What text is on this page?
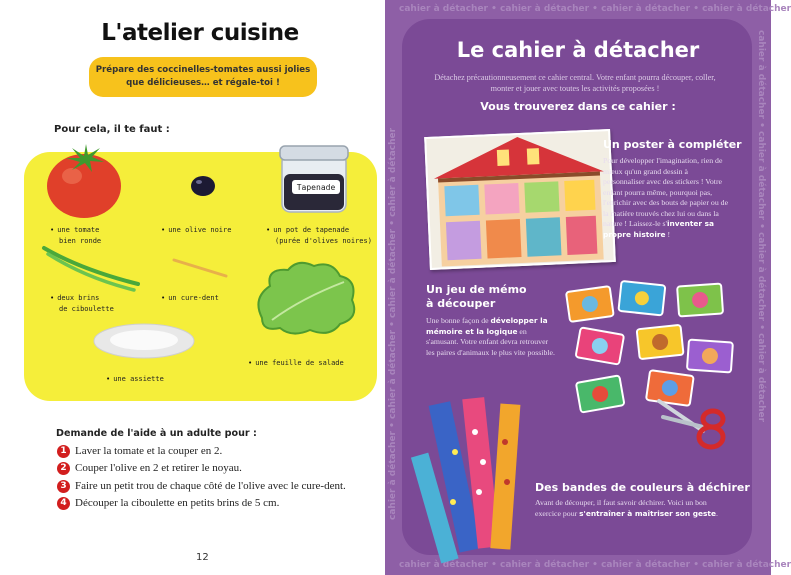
L'atelier cuisine
Prépare des coccinelles-tomates aussi jolies que délicieuses… et régale-toi !
Pour cela, il te faut :
Tapenade
• une tomate
bien ronde
• une olive noire	• un pot de tapenade
(purée d'olives noires)
• deux brins
de ciboulette
• un cure-dent
• une feuille de salade
• une assiette
Demande de l'aide à un adulte pour :
1 Laver la tomate et la couper en 2.
2 Couper l'olive en 2 et retirer le noyau.
3 Faire un petit trou de chaque côté de l'olive avec le cure-dent.
4 Découper la ciboulette en petits brins de 5 cm.
12
cahier à détacher • cahier à détacher • cahier à détacher • cahier à détacher
cahier à détacher • cahier à détacher • cahier à détacher • cahier à détacher
cahier à détacher • cahier à détacher • cahier à détacher • cahier à détacher
cahier à détacher • cahier à détacher • cahier à détacher • cahier à détacher
Le cahier à détacher
Détachez précautionneusement ce cahier central. Votre enfant pourra découper, coller, monter et jouer avec toutes les activités proposées !
Vous trouverez dans ce cahier :
Un poster à compléter
Pour développer l'imagination, rien de mieux qu'un grand dessin à personnaliser avec des stickers ! Votre enfant pourra même, pourquoi pas, l'enrichir avec des bouts de papier ou de la matière trouvés chez lui ou dans la nature ! Laissez-le s'inventer sa propre histoire !
Un jeu de mémo
à découper
Une bonne façon de développer la mémoire et la logique en s'amusant. Votre enfant devra retrouver les paires d'animaux le plus vite possible.
Des bandes de couleurs à déchirer
Avant de découper, il faut savoir déchirer. Voici un bon exercice pour s'entraîner à maîtriser son geste.
